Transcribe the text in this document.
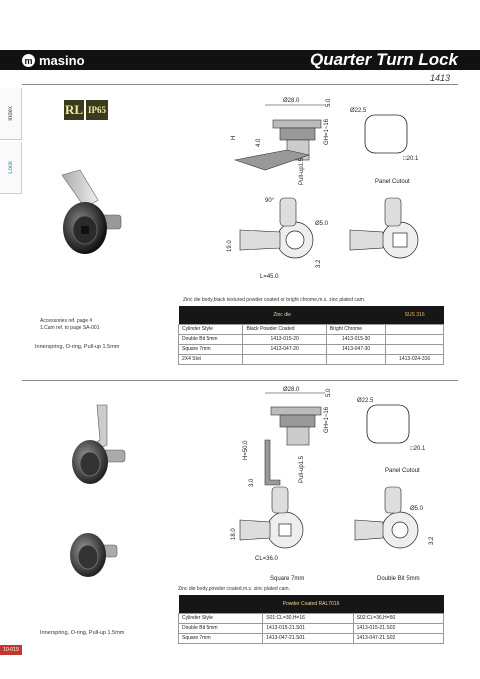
m masino	Quarter Turn Lock
1413
Index
Lock
RL IP65
Ø28.0	5.0
GH=1~16
H
4.0
Pull-up1.5
Ø22.5
□20.1
Panel Cutout
90°
Ø5.0
19.0
3.2
L=45.0
Zinc die body,black textured powder coated or bright chrome,m.s. zinc plated cam.
Accessories ref. page #
1.Cam ref. to page SA-001
Innerspring, O-ring, Pull-up 1.5mm
Zinc die			SUS 316
Cylinder Style	Black Powder Coated	Bright Chrome	
Double Bit 5mm	1413-015-20	1413-015-30	
Square 7mm	1413-047-20	1413-047-30	
2X4 Slot			1413-024-316
Ø28.0	5.0
GH=1~16
H=50.0
3.0	Pull-up1.5
Ø22.5
□20.1
Panel Cutout
18.0
CL=36.0
Square 7mm
Ø5.0
3.2
Double Bit 5mm
Zinc die body,powder coated,m.s. zinc plated cam.
Innerspring, O-ring, Pull-up 1.5mm
Powder Coated RAL7016		
Cylinder Style	S01:CL=30,H=16	S02:CL=36,H=50
Double Bit 5mm	1413-015-21.S01	1413-015-21.S02
Square 7mm	1413-047-21.S01	1413-047-21.S02
10-019
